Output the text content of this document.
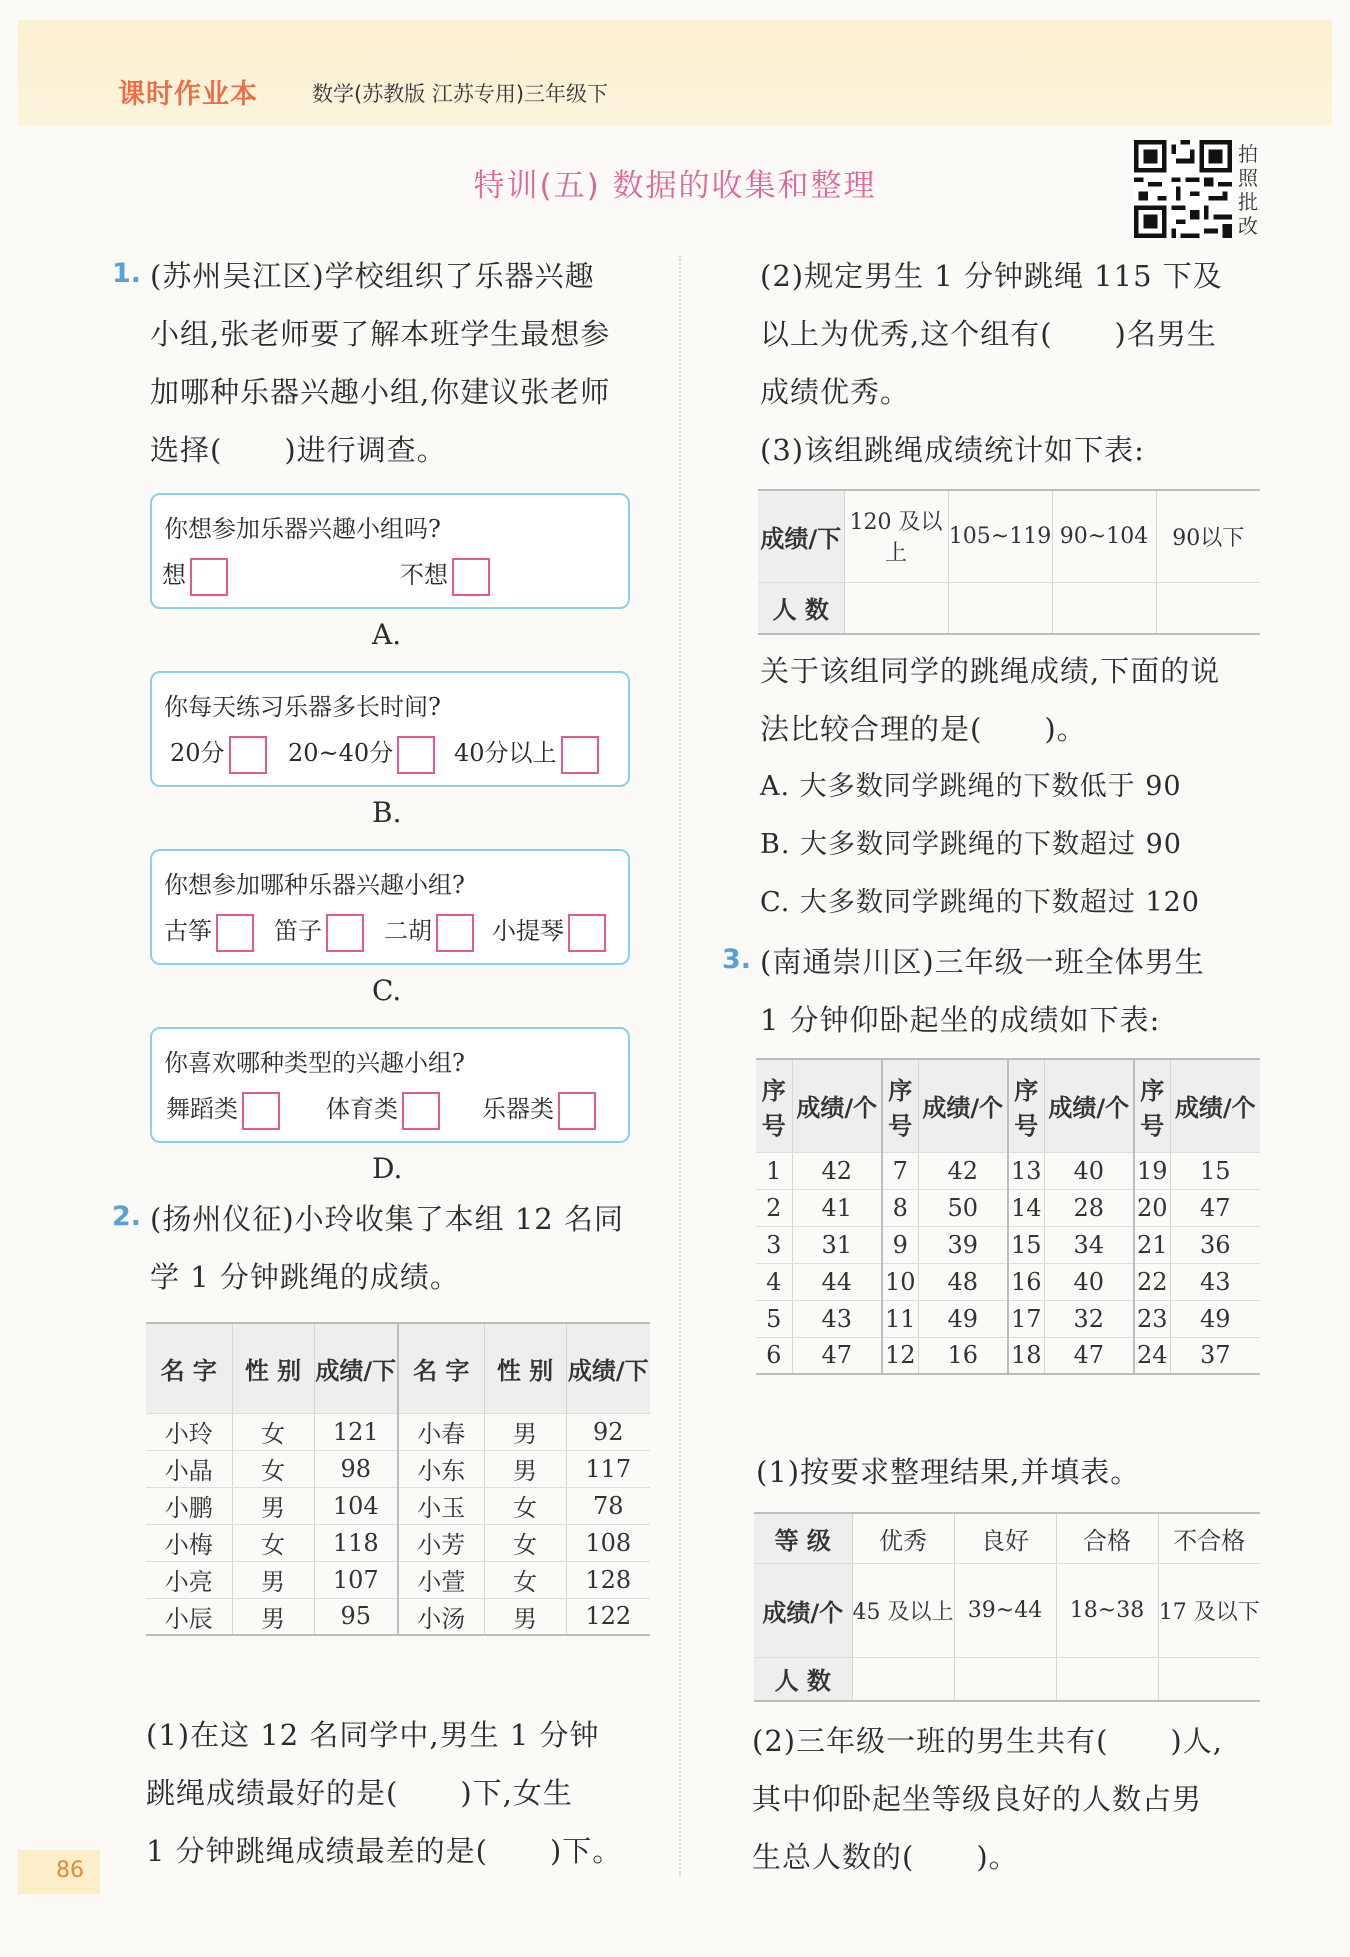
课时作业本	数学(苏教版 江苏专用)三年级下
特训(五) 数据的收集和整理
拍
照
批
改
1. (苏州吴江区)学校组织了乐器兴趣
小组,张老师要了解本班学生最想参
加哪种乐器兴趣小组,你建议张老师
选择( )进行调查。
你想参加乐器兴趣小组吗?
想	不想
A.
你每天练习乐器多长时间?
20分	20~40分	40分以上
B.
你想参加哪种乐器兴趣小组?
古筝	笛子	二胡	小提琴
C.
你喜欢哪种类型的兴趣小组?
舞蹈类	体育类	乐器类
D.
2. (扬州仪征)小玲收集了本组 12 名同
学 1 分钟跳绳的成绩。
名 字	性 别	成绩/下	名 字	性 别	成绩/下
小玲	女	121	小春	男	92
小晶	女	98	小东	男	117
小鹏	男	104	小玉	女	78
小梅	女	118	小芳	女	108
小亮	男	107	小萱	女	128
小辰	男	95	小汤	男	122
(1)在这 12 名同学中,男生 1 分钟
跳绳成绩最好的是( )下,女生
1 分钟跳绳成绩最差的是( )下。
(2)规定男生 1 分钟跳绳 115 下及
以上为优秀,这个组有( )名男生
成绩优秀。
(3)该组跳绳成绩统计如下表:
成绩/下	120 及以上	105~119	90~104	90以下
人 数				
关于该组同学的跳绳成绩,下面的说
法比较合理的是( )。
A. 大多数同学跳绳的下数低于 90
B. 大多数同学跳绳的下数超过 90
C. 大多数同学跳绳的下数超过 120
3. (南通崇川区)三年级一班全体男生
1 分钟仰卧起坐的成绩如下表:
序号	成绩/个	序号	成绩/个	序号	成绩/个	序号	成绩/个
1	42	7	42	13	40	19	15
2	41	8	50	14	28	20	47
3	31	9	39	15	34	21	36
4	44	10	48	16	40	22	43
5	43	11	49	17	32	23	49
6	47	12	16	18	47	24	37
(1)按要求整理结果,并填表。
等 级	优秀	良好	合格	不合格
成绩/个	45 及以上	39~44	18~38	17 及以下
人 数				
(2)三年级一班的男生共有( )人,
其中仰卧起坐等级良好的人数占男
生总人数的( )。
86
